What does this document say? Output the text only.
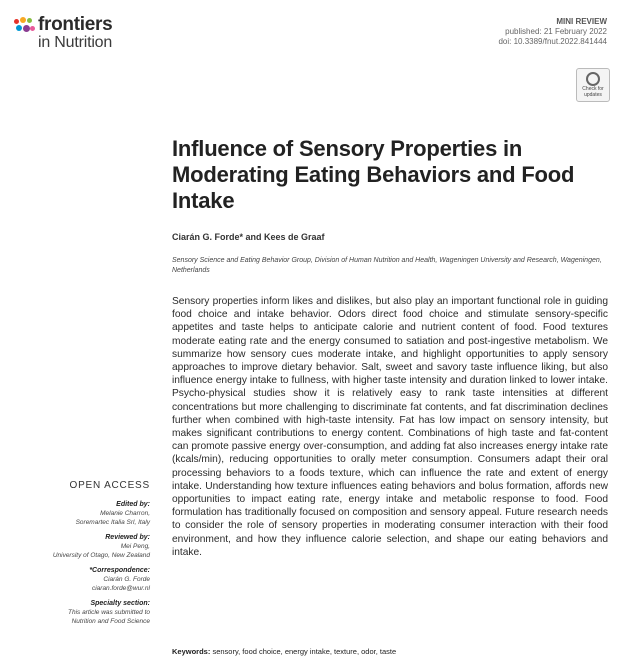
frontiers
in Nutrition
MINI REVIEW
published: 21 February 2022
doi: 10.3389/fnut.2022.841444
Check for
updates
Influence of Sensory Properties in Moderating Eating Behaviors and Food Intake
Ciarán G. Forde* and Kees de Graaf
Sensory Science and Eating Behavior Group, Division of Human Nutrition and Health, Wageningen University and Research, Wageningen, Netherlands
Sensory properties inform likes and dislikes, but also play an important functional role in guiding food choice and intake behavior. Odors direct food choice and stimulate sensory-specific appetites and taste helps to anticipate calorie and nutrient content of food. Food textures moderate eating rate and the energy consumed to satiation and post-ingestive metabolism. We summarize how sensory cues moderate intake, and highlight opportunities to apply sensory approaches to improve dietary behavior. Salt, sweet and savory taste influence liking, but also influence energy intake to fullness, with higher taste intensity and duration linked to lower intake. Psycho-physical studies show it is relatively easy to rank taste intensities at different concentrations but more challenging to discriminate fat contents, and fat discrimination declines further when combined with high-taste intensity. Fat has low impact on sensory intensity, but makes significant contributions to energy content. Combinations of high taste and fat-content can promote passive energy over-consumption, and adding fat also increases energy intake rate (kcals/min), reducing opportunities to orally meter consumption. Consumers adapt their oral processing behaviors to a foods texture, which can influence the rate and extent of energy intake. Understanding how texture influences eating behaviors and bolus formation, affords new opportunities to impact eating rate, energy intake and metabolic response to food. Food formulation has traditionally focused on composition and sensory appeal. Future research needs to consider the role of sensory properties in moderating consumer interaction with their food environment, and how they influence calorie selection, and shape our eating behaviors and intake.
Keywords: sensory, food choice, energy intake, texture, odor, taste
OPEN ACCESS
Edited by:
Melanie Charron,
Soremartec Italia Srl, Italy
Reviewed by:
Mei Peng,
University of Otago, New Zealand
*Correspondence:
Ciarán G. Forde
ciaran.forde@wur.nl
Specialty section:
This article was submitted to
Nutrition and Food Science
